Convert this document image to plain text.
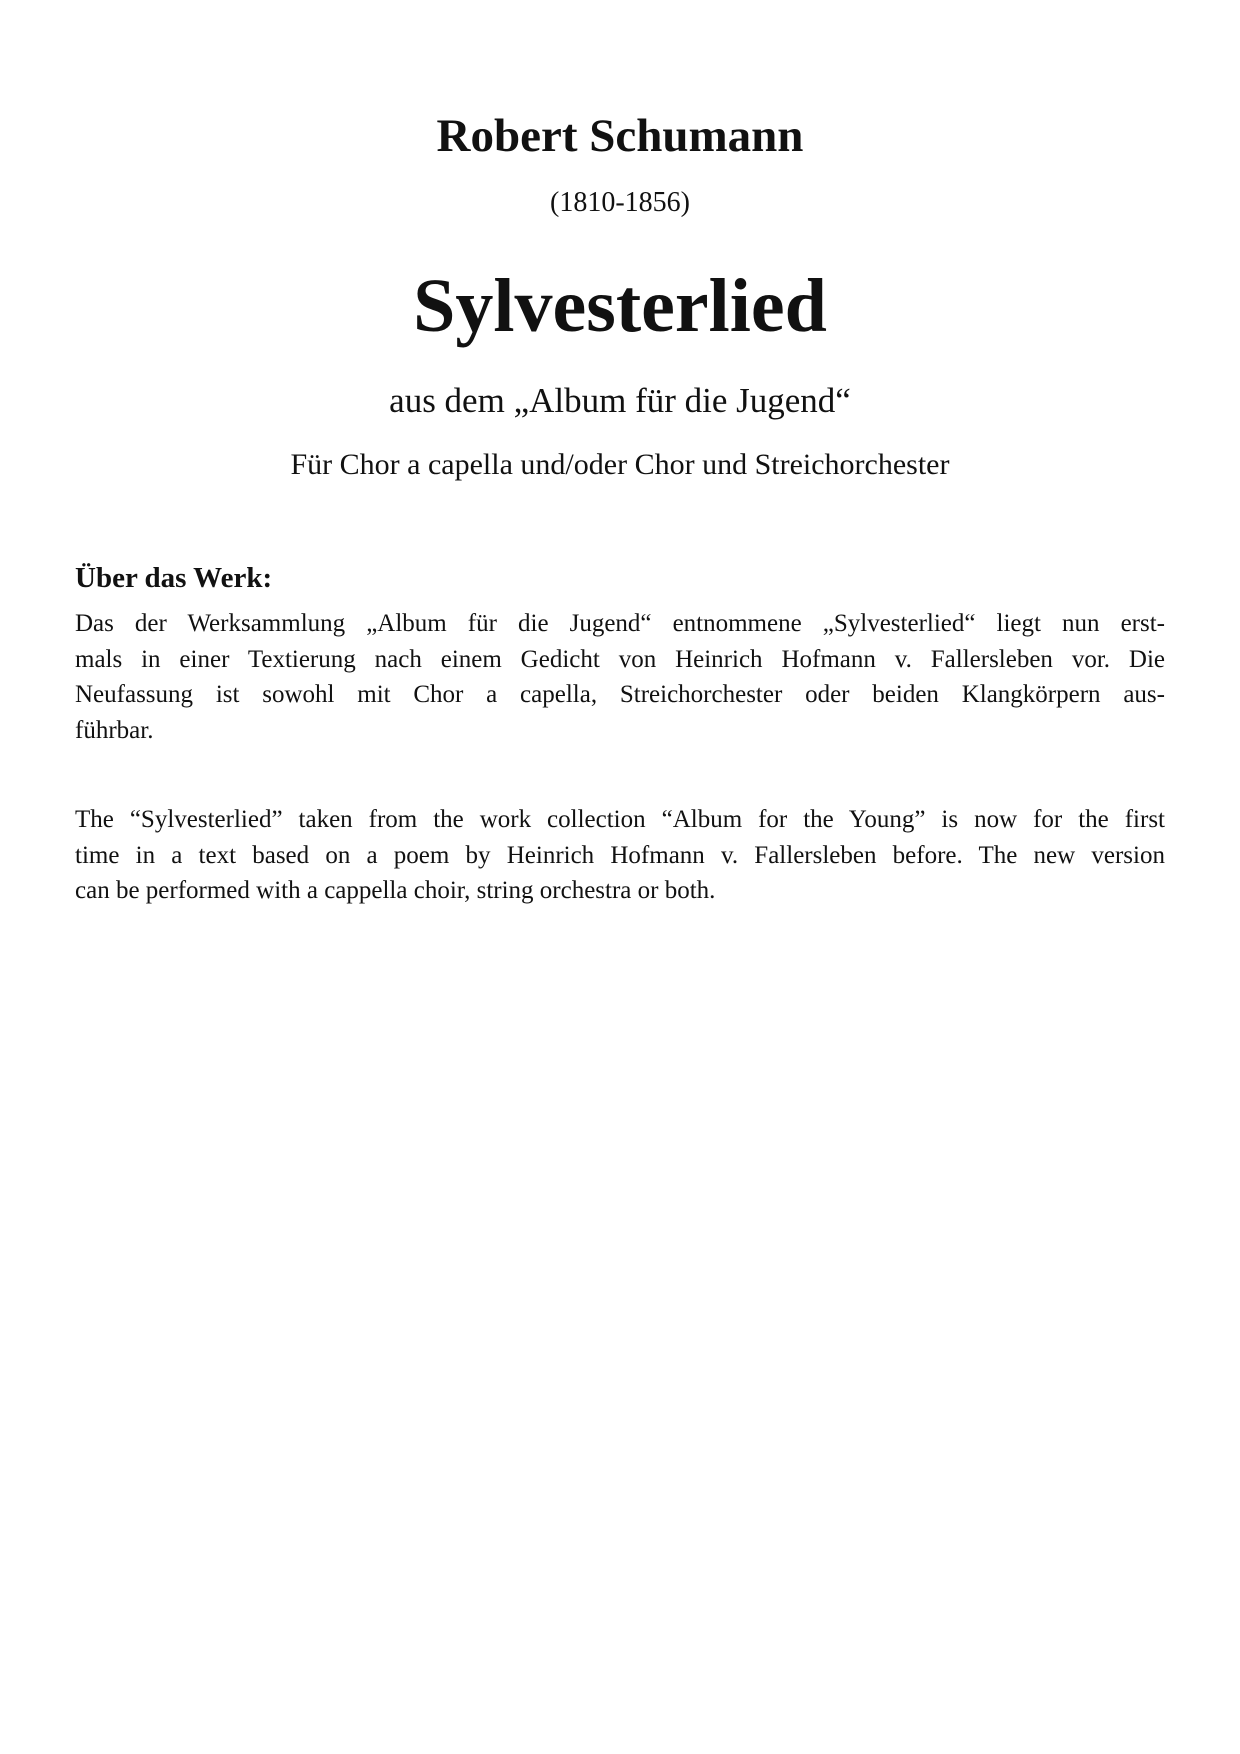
Robert Schumann
(1810-1856)
Sylvesterlied
aus dem „Album für die Jugend“
Für Chor a capella und/oder Chor und Streichorchester
Über das Werk:
Das der Werksammlung „Album für die Jugend“ entnommene „Sylvesterlied“ liegt nun erst-
mals in einer Textierung nach einem Gedicht von Heinrich Hofmann v. Fallersleben vor. Die
Neufassung ist sowohl mit Chor a capella, Streichorchester oder beiden Klangkörpern aus-
führbar.
The “Sylvesterlied” taken from the work collection “Album for the Young” is now for the first
time in a text based on a poem by Heinrich Hofmann v. Fallersleben before. The new version
can be performed with a cappella choir, string orchestra or both.
